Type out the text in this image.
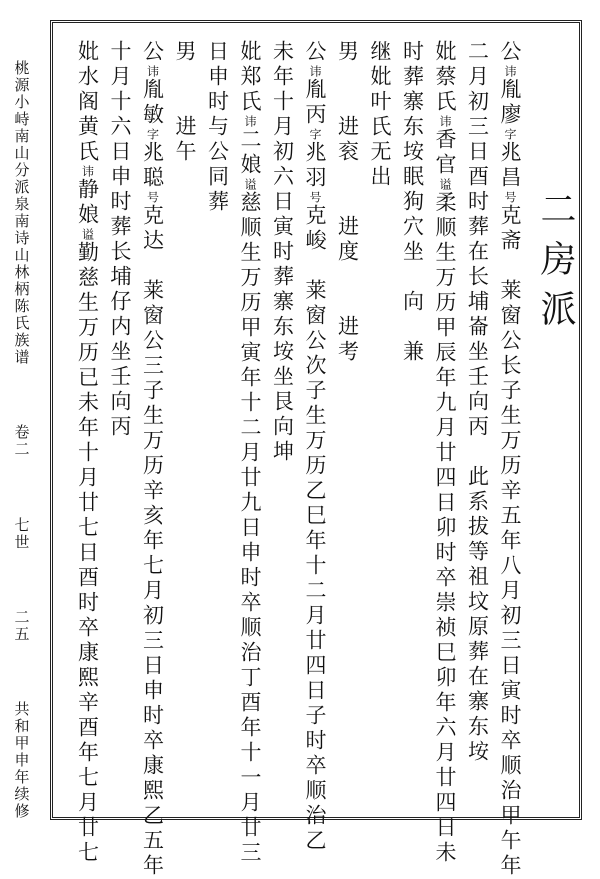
桃源小峙南山分派泉南诗山林柄陈氏族谱
卷二
七世
二五
共和甲申年续修
二房派
公$^讳$胤廖$^字$兆昌$^号$克斋　莱窗公长子生万历辛五年八月初三日寅时卒顺治甲午年
二月初三日酉时葬在长埔崙坐壬向丙　此系拔等祖坟原葬在寨东垵
妣蔡氏$^讳$香官$^谥$柔顺生万历甲辰年九月廿四日卯时卒崇祯巳卯年六月廿四日未
时葬寨东垵眠狗穴坐　向　兼
继妣叶氏无出
男　　进衮　　进度　　进考
公$^讳$胤丙$^字$兆羽$^号$克峻　莱窗公次子生万历乙巳年十二月廿四日子时卒顺治乙
未年十月初六日寅时葬寨东垵坐艮向坤
妣郑氏$^讳$二娘$^谥$慈顺生万历甲寅年十二月廿九日申时卒顺治丁酉年十一月廿三
日申时与公同葬
男　　进午
公$^讳$胤敏$^字$兆聪$^号$克达　莱窗公三子生万历辛亥年七月初三日申时卒康熙乙五年
十月十六日申时葬长埔仔内坐壬向丙
妣水阁黄氏$^讳$静娘$^谥$勤慈生万历已未年十月廿七日酉时卒康熙辛酉年七月廿七
